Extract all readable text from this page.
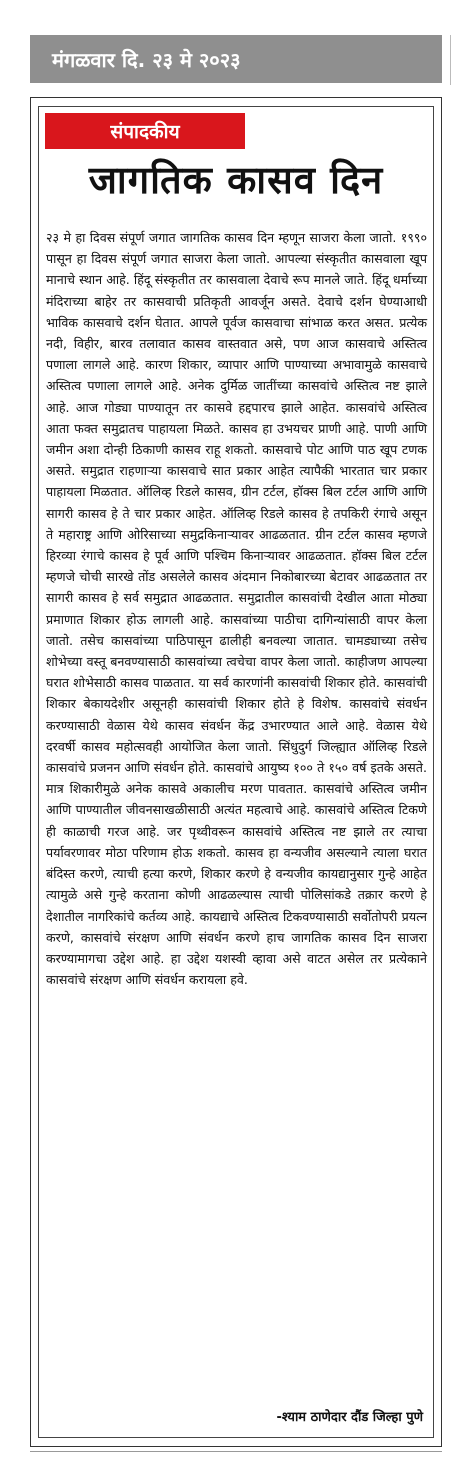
मंगळवार दि. २३ मे २०२३
संपादकीय
जागतिक कासव दिन
२३ मे हा दिवस संपूर्ण जगात जागतिक कासव दिन म्हणून साजरा केला जातो. १९९० पासून हा दिवस संपूर्ण जगात साजरा केला जातो. आपल्या संस्कृतीत कासवाला खूप मानाचे स्थान आहे. हिंदू संस्कृतीत तर कासवाला देवाचे रूप मानले जाते. हिंदू धर्माच्या मंदिराच्या बाहेर तर कासवाची प्रतिकृती आवर्जून असते. देवाचे दर्शन घेण्याआधी भाविक कासवाचे दर्शन घेतात. आपले पूर्वज कासवाचा सांभाळ करत असत. प्रत्येक नदी, विहीर, बारव तलावात कासव वास्तवात असे, पण आज कासवाचे अस्तित्व पणाला लागले आहे. कारण शिकार, व्यापार आणि पाण्याच्या अभावामुळे कासवाचे अस्तित्व पणाला लागले आहे. अनेक दुर्मिळ जातींच्या कासवांचे अस्तित्व नष्ट झाले आहे. आज गोड्या पाण्यातून तर कासवे हद्दपारच झाले आहेत. कासवांचे अस्तित्व आता फक्त समुद्रातच पाहायला मिळते. कासव हा उभयचर प्राणी आहे. पाणी आणि जमीन अशा दोन्ही ठिकाणी कासव राहू शकतो. कासवाचे पोट आणि पाठ खूप टणक असते. समुद्रात राहणाऱ्या कासवाचे सात प्रकार आहेत त्यापैकी भारतात चार प्रकार पाहायला मिळतात. ऑलिव्ह रिडले कासव, ग्रीन टर्टल, हॉक्स बिल टर्टल आणि आणि सागरी कासव हे ते चार प्रकार आहेत. ऑलिव्ह रिडले कासव हे तपकिरी रंगाचे असून ते महाराष्ट्र आणि ओरिसाच्या समुद्रकिनाऱ्यावर आढळतात. ग्रीन टर्टल कासव म्हणजे हिरव्या रंगाचे कासव हे पूर्व आणि पश्चिम किनाऱ्यावर आढळतात. हॉक्स बिल टर्टल म्हणजे चोची सारखे तोंड असलेले कासव अंदमान निकोबारच्या बेटावर आढळतात तर सागरी कासव हे सर्व समुद्रात आढळतात. समुद्रातील कासवांची देखील आता मोठ्या प्रमाणात शिकार होऊ लागली आहे. कासवांच्या पाठीचा दागिन्यांसाठी वापर केला जातो. तसेच कासवांच्या पाठिपासून ढालीही बनवल्या जातात. चामड्याच्या तसेच शोभेच्या वस्तू बनवण्यासाठी कासवांच्या त्वचेचा वापर केला जातो. काहीजण आपल्या घरात शोभेसाठी कासव पाळतात. या सर्व कारणांनी कासवांची शिकार होते. कासवांची शिकार बेकायदेशीर असूनही कासवांची शिकार होते हे विशेष. कासवांचे संवर्धन करण्यासाठी वेळास येथे कासव संवर्धन केंद्र उभारण्यात आले आहे. वेळास येथे दरवर्षी कासव महोत्सवही आयोजित केला जातो. सिंधुदुर्ग जिल्ह्यात ऑलिव्ह रिडले कासवांचे प्रजनन आणि संवर्धन होते. कासवांचे आयुष्य १०० ते १५० वर्ष इतके असते. मात्र शिकारीमुळे अनेक कासवे अकालीच मरण पावतात. कासवांचे अस्तित्व जमीन आणि पाण्यातील जीवनसाखळीसाठी अत्यंत महत्वाचे आहे. कासवांचे अस्तित्व टिकणे ही काळाची गरज आहे. जर पृथ्वीवरून कासवांचे अस्तित्व नष्ट झाले तर त्याचा पर्यावरणावर मोठा परिणाम होऊ शकतो. कासव हा वन्यजीव असल्याने त्याला घरात बंदिस्त करणे, त्याची हत्या करणे, शिकार करणे हे वन्यजीव कायद्यानुसार गुन्हे आहेत त्यामुळे असे गुन्हे करताना कोणी आढळल्यास त्याची पोलिसांकडे तक्रार करणे हे देशातील नागरिकांचे कर्तव्य आहे. कायद्याचे अस्तित्व टिकवण्यासाठी सर्वोतोपरी प्रयत्न करणे, कासवांचे संरक्षण आणि संवर्धन करणे हाच जागतिक कासव दिन साजरा करण्यामागचा उद्देश आहे. हा उद्देश यशस्वी व्हावा असे वाटत असेल तर प्रत्येकाने कासवांचे संरक्षण आणि संवर्धन करायला हवे.
-श्याम ठाणेदार दौंड जिल्हा पुणे
